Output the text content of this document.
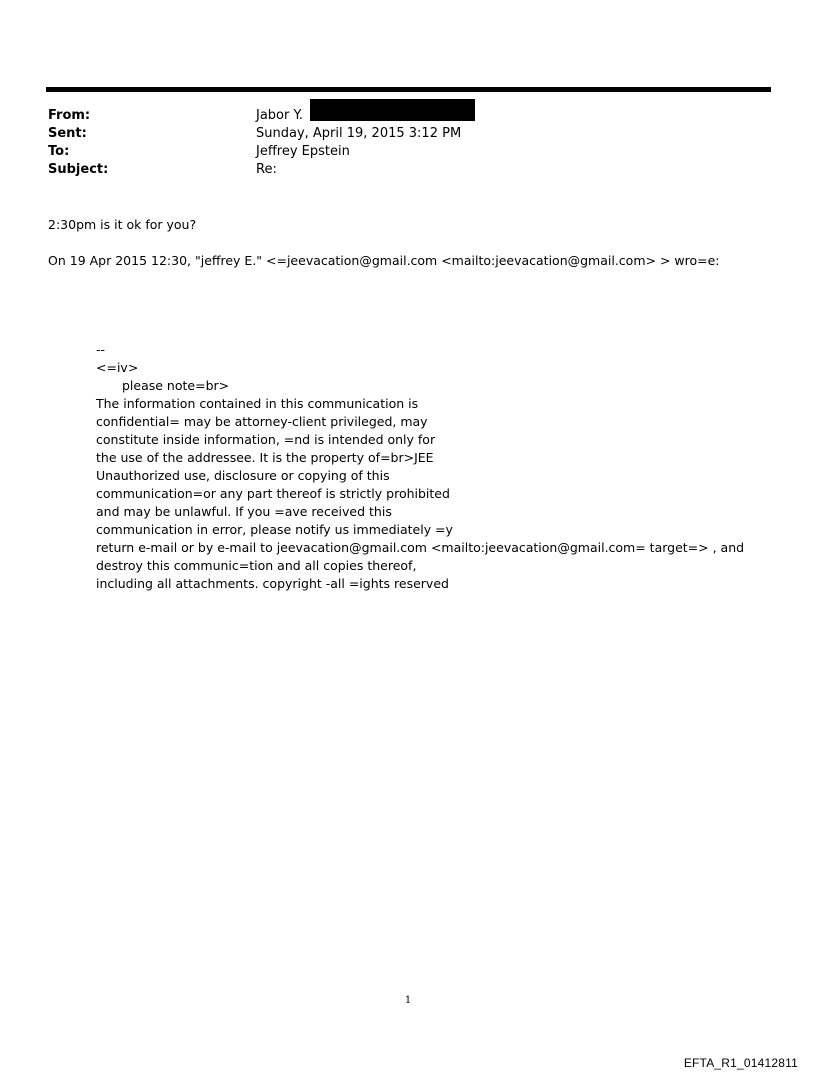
From:	Jabor Y.
Sent:	Sunday, April 19, 2015 3:12 PM
To:	Jeffrey Epstein
Subject:	Re:
2:30pm is it ok for you?
On 19 Apr 2015 12:30, "jeffrey E." <=jeevacation@gmail.com <mailto:jeevacation@gmail.com> > wro=e:
--
<=iv>
please note=br>
The information contained in this communication is
confidential= may be attorney-client privileged, may
constitute inside information, =nd is intended only for
the use of the addressee. It is the property of=br>JEE
Unauthorized use, disclosure or copying of this
communication=or any part thereof is strictly prohibited
and may be unlawful. If you =ave received this
communication in error, please notify us immediately =y
return e-mail or by e-mail to jeevacation@gmail.com <mailto:jeevacation@gmail.com= target=> , and
destroy this communic=tion and all copies thereof,
including all attachments. copyright -all =ights reserved
1
EFTA_R1_01412811
